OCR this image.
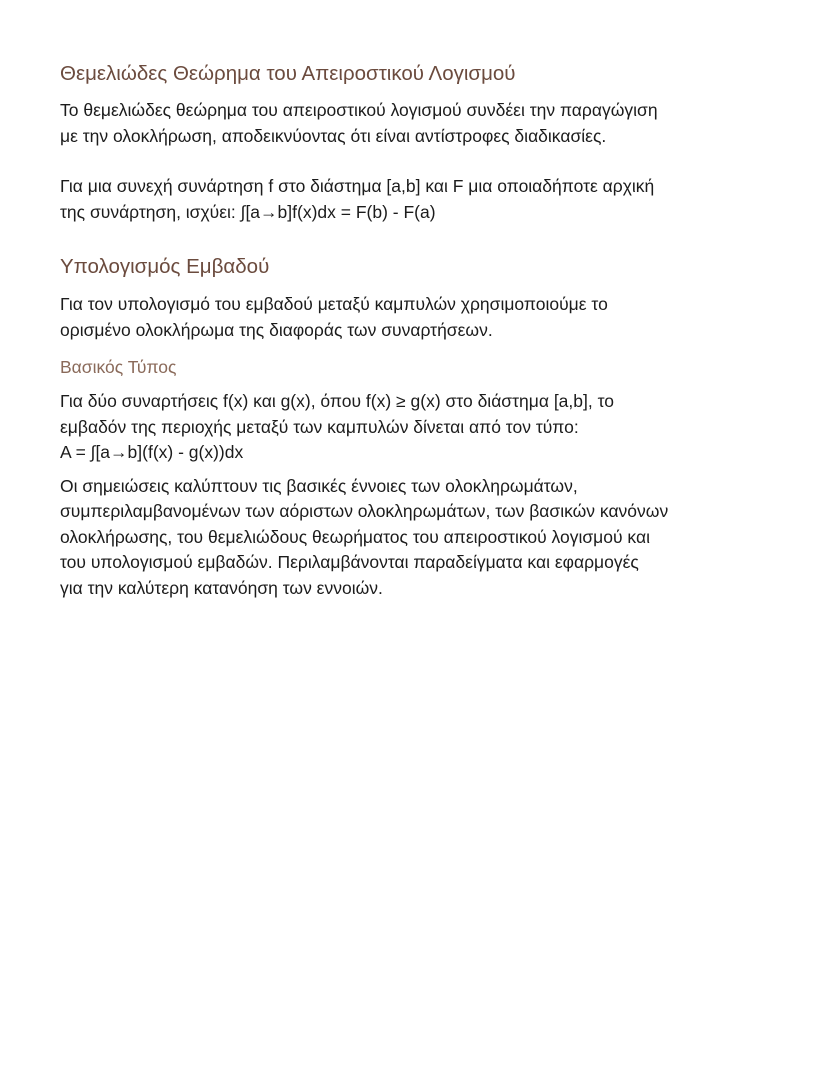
Θεμελιώδες Θεώρημα του Απειροστικού Λογισμού

Το θεμελιώδες θεώρημα του απειροστικού λογισμού συνδέει την παραγώγιση
με την ολοκλήρωση, αποδεικνύοντας ότι είναι αντίστροφες διαδικασίες.

Για μια συνεχή συνάρτηση f στο διάστημα [a,b] και F μια οποιαδήποτε αρχική
της συνάρτηση, ισχύει: ∫[a→b]f(x)dx = F(b) - F(a)

Υπολογισμός Εμβαδού

Για τον υπολογισμό του εμβαδού μεταξύ καμπυλών χρησιμοποιούμε το
ορισμένο ολοκλήρωμα της διαφοράς των συναρτήσεων.

Βασικός Τύπος

Για δύο συναρτήσεις f(x) και g(x), όπου f(x) ≥ g(x) στο διάστημα [a,b], το
εμβαδόν της περιοχής μεταξύ των καμπυλών δίνεται από τον τύπο:
A = ∫[a→b](f(x) - g(x))dx

Οι σημειώσεις καλύπτουν τις βασικές έννοιες των ολοκληρωμάτων,
συμπεριλαμβανομένων των αόριστων ολοκληρωμάτων, των βασικών κανόνων
ολοκλήρωσης, του θεμελιώδους θεωρήματος του απειροστικού λογισμού και
του υπολογισμού εμβαδών. Περιλαμβάνονται παραδείγματα και εφαρμογές
για την καλύτερη κατανόηση των εννοιών.
